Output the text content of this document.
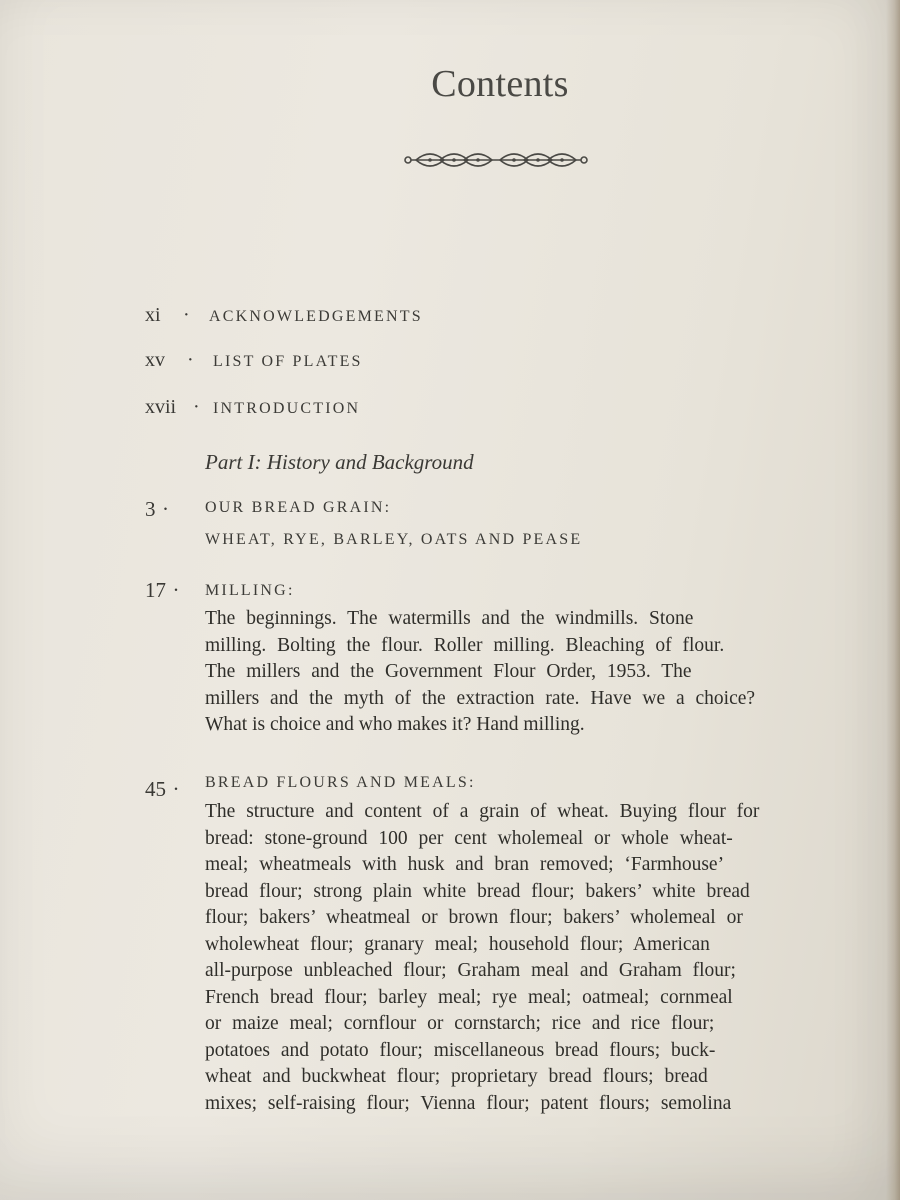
Contents
xi · ACKNOWLEDGEMENTS
xv · LIST OF PLATES
xvii · INTRODUCTION
Part I: History and Background
3 ·	OUR BREAD GRAIN:
WHEAT, RYE, BARLEY, OATS AND PEASE
17 ·	MILLING:
The beginnings. The watermills and the windmills. Stone
milling. Bolting the flour. Roller milling. Bleaching of flour.
The millers and the Government Flour Order, 1953. The
millers and the myth of the extraction rate. Have we a choice?
What is choice and who makes it? Hand milling.
45 ·	BREAD FLOURS AND MEALS:
The structure and content of a grain of wheat. Buying flour for
bread: stone-ground 100 per cent wholemeal or whole wheat-
meal; wheatmeals with husk and bran removed; ‘Farmhouse’
bread flour; strong plain white bread flour; bakers’ white bread
flour; bakers’ wheatmeal or brown flour; bakers’ wholemeal or
wholewheat flour; granary meal; household flour; American
all-purpose unbleached flour; Graham meal and Graham flour;
French bread flour; barley meal; rye meal; oatmeal; cornmeal
or maize meal; cornflour or cornstarch; rice and rice flour;
potatoes and potato flour; miscellaneous bread flours; buck-
wheat and buckwheat flour; proprietary bread flours; bread
mixes; self-raising flour; Vienna flour; patent flours; semolina
